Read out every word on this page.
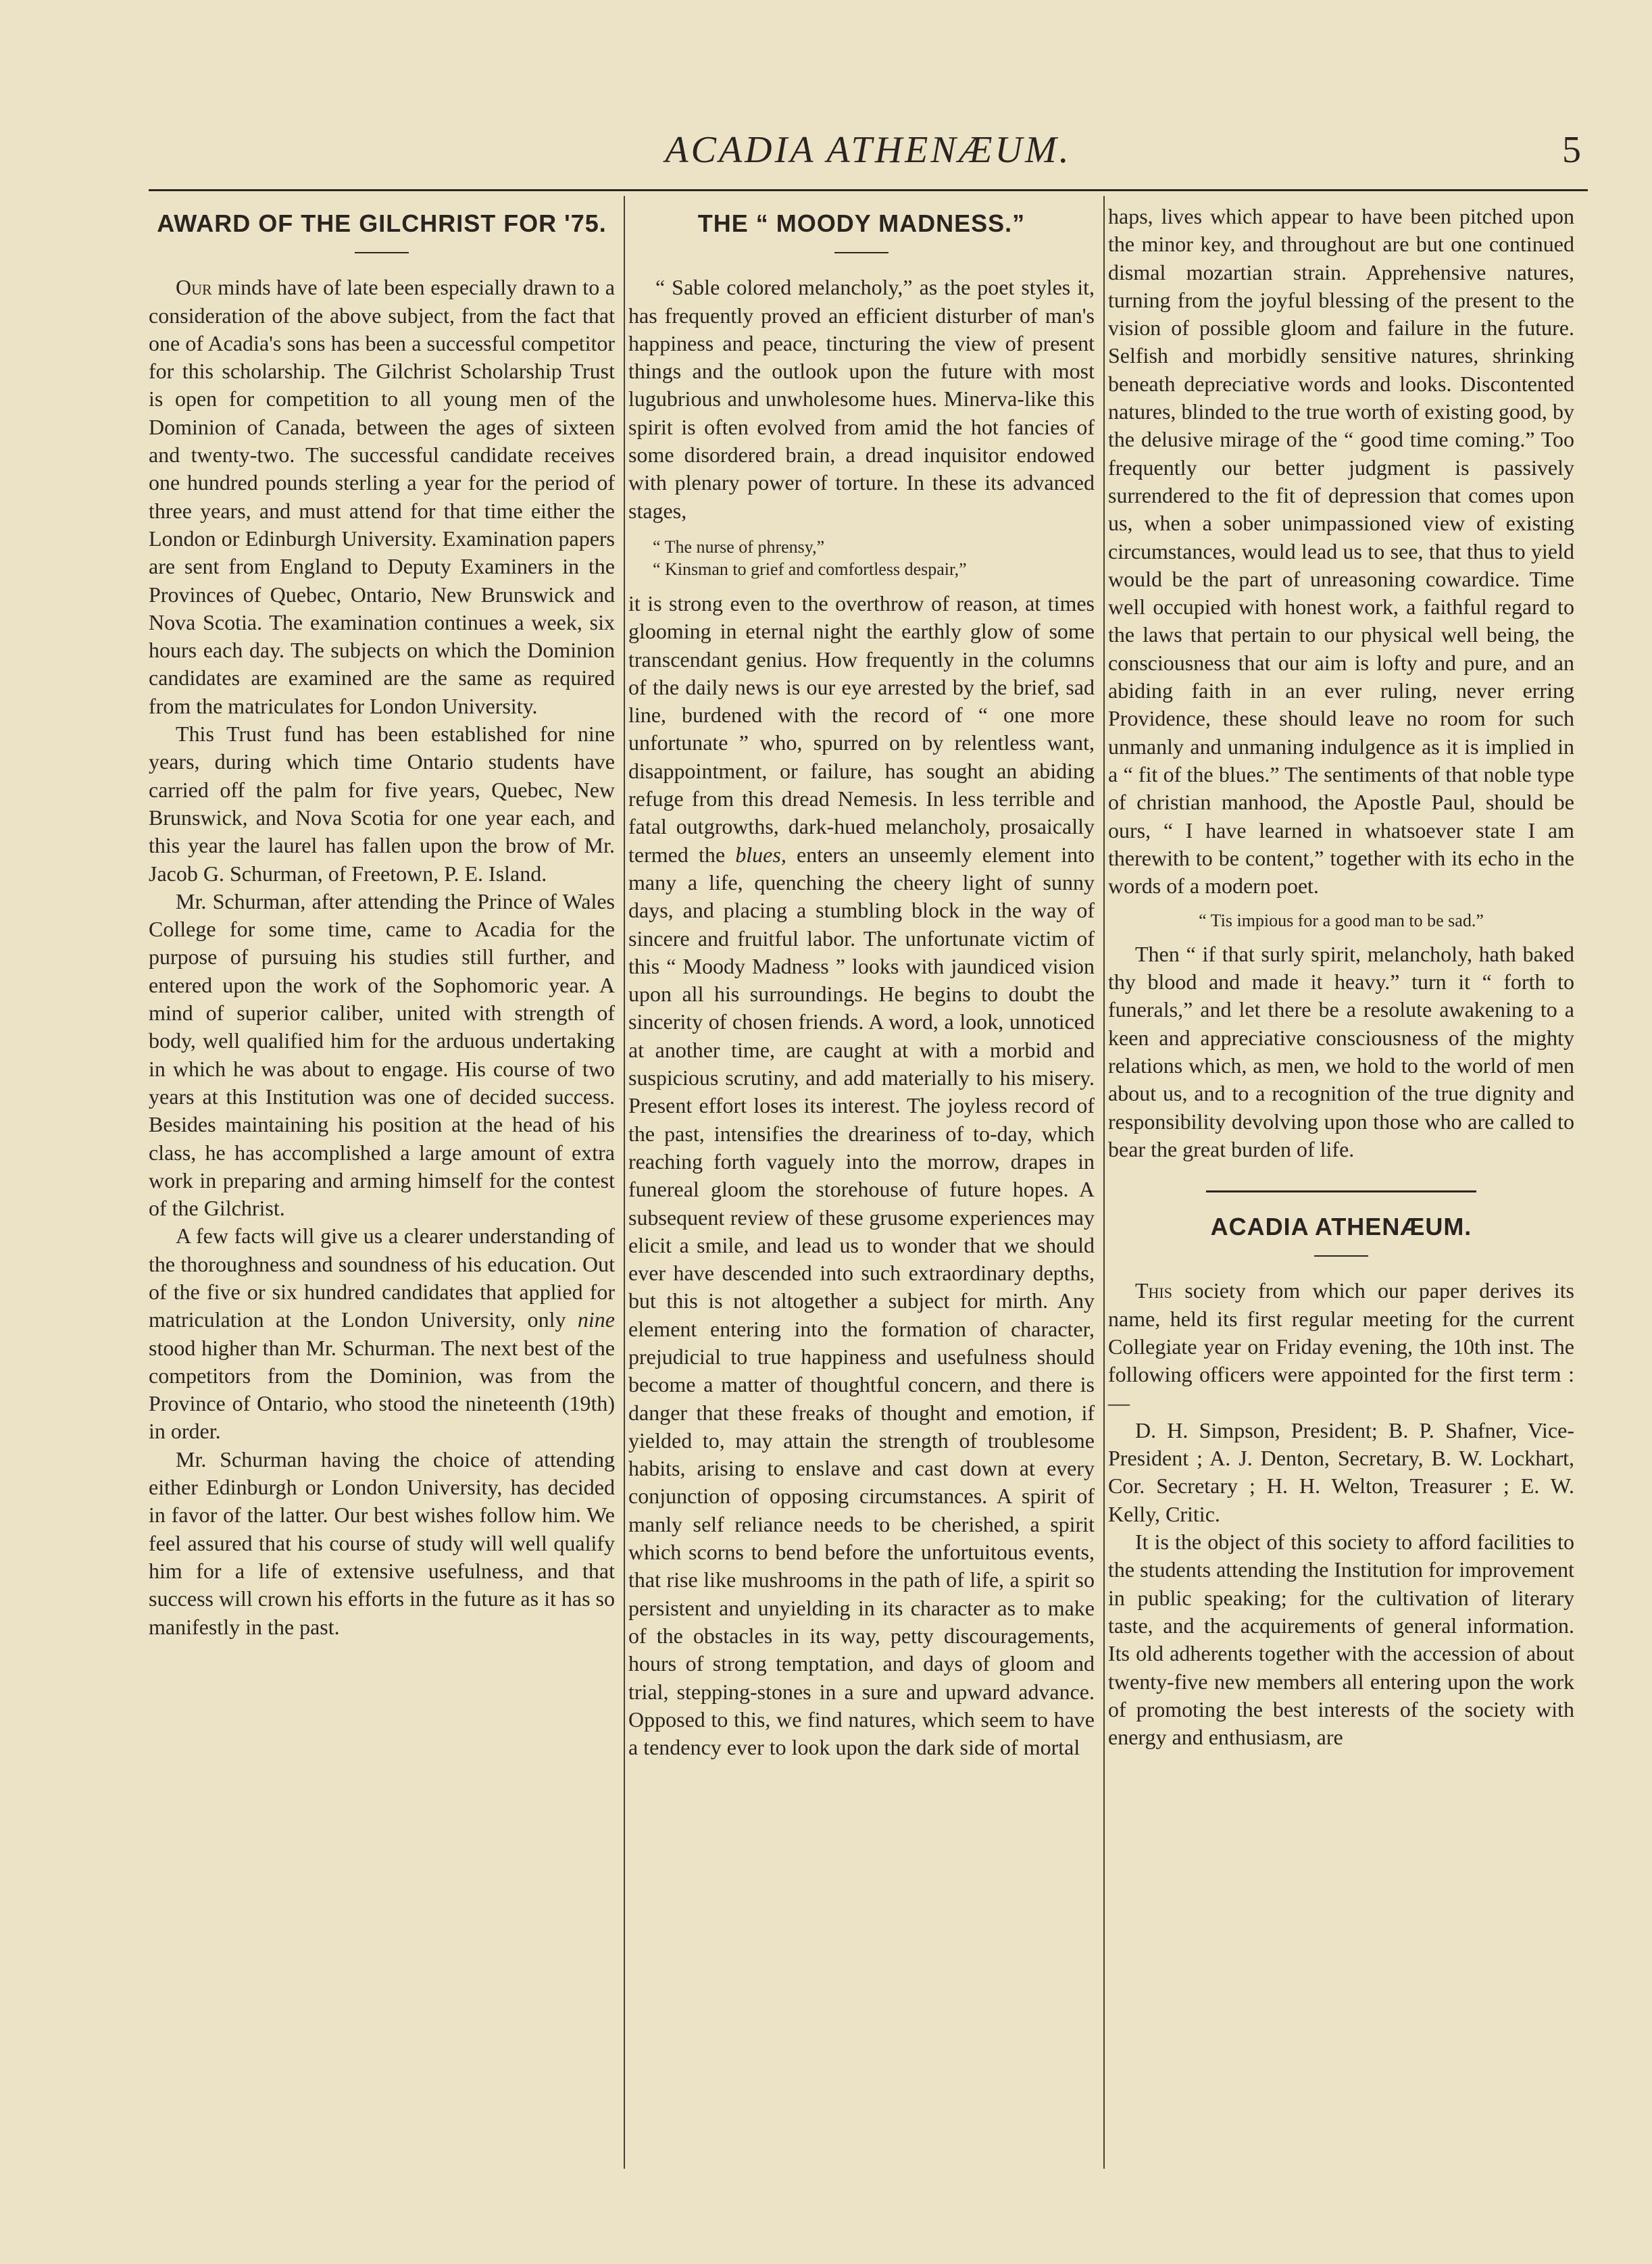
ACADIA ATHENÆUM.	5
AWARD OF THE GILCHRIST FOR '75.

Our minds have of late been especially drawn to a consideration of the above subject, from the fact that one of Acadia's sons has been a successful competitor for this scholarship. The Gilchrist Scholarship Trust is open for competition to all young men of the Dominion of Canada, between the ages of sixteen and twenty-two. The successful candidate receives one hundred pounds sterling a year for the period of three years, and must attend for that time either the London or Edinburgh University. Examination papers are sent from England to Deputy Examiners in the Provinces of Quebec, Ontario, New Brunswick and Nova Scotia. The examination continues a week, six hours each day. The subjects on which the Dominion candidates are examined are the same as required from the matriculates for London University.

This Trust fund has been established for nine years, during which time Ontario students have carried off the palm for five years, Quebec, New Brunswick, and Nova Scotia for one year each, and this year the laurel has fallen upon the brow of Mr. Jacob G. Schurman, of Freetown, P. E. Island.

Mr. Schurman, after attending the Prince of Wales College for some time, came to Acadia for the purpose of pursuing his studies still further, and entered upon the work of the Sophomoric year. A mind of superior caliber, united with strength of body, well qualified him for the arduous undertaking in which he was about to engage. His course of two years at this Institution was one of decided success. Besides maintaining his position at the head of his class, he has accomplished a large amount of extra work in preparing and arming himself for the contest of the Gilchrist.

A few facts will give us a clearer understanding of the thoroughness and soundness of his education. Out of the five or six hundred candidates that applied for matriculation at the London University, only nine stood higher than Mr. Schurman. The next best of the competitors from the Dominion, was from the Province of Ontario, who stood the nineteenth (19th) in order.

Mr. Schurman having the choice of attending either Edinburgh or London University, has decided in favor of the latter. Our best wishes follow him. We feel assured that his course of study will well qualify him for a life of extensive usefulness, and that success will crown his efforts in the future as it has so manifestly in the past.

THE “ MOODY MADNESS.”

“ Sable colored melancholy,” as the poet styles it, has frequently proved an efficient disturber of man's happiness and peace, tincturing the view of present things and the outlook upon the future with most lugubrious and unwholesome hues. Minerva-like this spirit is often evolved from amid the hot fancies of some disordered brain, a dread inquisitor endowed with plenary power of torture. In these its advanced stages,

“ The nurse of phrensy,”
“ Kinsman to grief and comfortless despair,”

it is strong even to the overthrow of reason, at times glooming in eternal night the earthly glow of some transcendant genius. How frequently in the columns of the daily news is our eye arrested by the brief, sad line, burdened with the record of “ one more unfortunate ” who, spurred on by relentless want, disappointment, or failure, has sought an abiding refuge from this dread Nemesis. In less terrible and fatal outgrowths, dark-hued melancholy, prosaically termed the blues, enters an unseemly element into many a life, quenching the cheery light of sunny days, and placing a stumbling block in the way of sincere and fruitful labor. The unfortunate victim of this “ Moody Madness ” looks with jaundiced vision upon all his surroundings. He begins to doubt the sincerity of chosen friends. A word, a look, unnoticed at another time, are caught at with a morbid and suspicious scrutiny, and add materially to his misery. Present effort loses its interest. The joyless record of the past, intensifies the dreariness of to-day, which reaching forth vaguely into the morrow, drapes in funereal gloom the storehouse of future hopes. A subsequent review of these grusome experiences may elicit a smile, and lead us to wonder that we should ever have descended into such extraordinary depths, but this is not altogether a subject for mirth. Any element entering into the formation of character, prejudicial to true happiness and usefulness should become a matter of thoughtful concern, and there is danger that these freaks of thought and emotion, if yielded to, may attain the strength of troublesome habits, arising to enslave and cast down at every conjunction of opposing circumstances. A spirit of manly self reliance needs to be cherished, a spirit which scorns to bend before the unfortuitous events, that rise like mushrooms in the path of life, a spirit so persistent and unyielding in its character as to make of the obstacles in its way, petty discouragements, hours of strong temptation, and days of gloom and trial, stepping-stones in a sure and upward advance. Opposed to this, we find natures, which seem to have a tendency ever to look upon the dark side of mortal

haps, lives which appear to have been pitched upon the minor key, and throughout are but one continued dismal mozartian strain. Apprehensive natures, turning from the joyful blessing of the present to the vision of possible gloom and failure in the future. Selfish and morbidly sensitive natures, shrinking beneath depreciative words and looks. Discontented natures, blinded to the true worth of existing good, by the delusive mirage of the “ good time coming.” Too frequently our better judgment is passively surrendered to the fit of depression that comes upon us, when a sober unimpassioned view of existing circumstances, would lead us to see, that thus to yield would be the part of unreasoning cowardice. Time well occupied with honest work, a faithful regard to the laws that pertain to our physical well being, the consciousness that our aim is lofty and pure, and an abiding faith in an ever ruling, never erring Providence, these should leave no room for such unmanly and unmaning indulgence as it is implied in a “ fit of the blues.” The sentiments of that noble type of christian manhood, the Apostle Paul, should be ours, “ I have learned in whatsoever state I am therewith to be content,” together with its echo in the words of a modern poet.

“ Tis impious for a good man to be sad.”

Then “ if that surly spirit, melancholy, hath baked thy blood and made it heavy.” turn it “ forth to funerals,” and let there be a resolute awakening to a keen and appreciative consciousness of the mighty relations which, as men, we hold to the world of men about us, and to a recognition of the true dignity and responsibility devolving upon those who are called to bear the great burden of life.

ACADIA ATHENÆUM.

This society from which our paper derives its name, held its first regular meeting for the current Collegiate year on Friday evening, the 10th inst. The following officers were appointed for the first term :—

D. H. Simpson, President; B. P. Shafner, Vice-President ; A. J. Denton, Secretary, B. W. Lockhart, Cor. Secretary ; H. H. Welton, Treasurer ; E. W. Kelly, Critic.

It is the object of this society to afford facilities to the students attending the Institution for improvement in public speaking; for the cultivation of literary taste, and the acquirements of general information. Its old adherents together with the accession of about twenty-five new members all entering upon the work of promoting the best interests of the society with energy and enthusiasm, are
